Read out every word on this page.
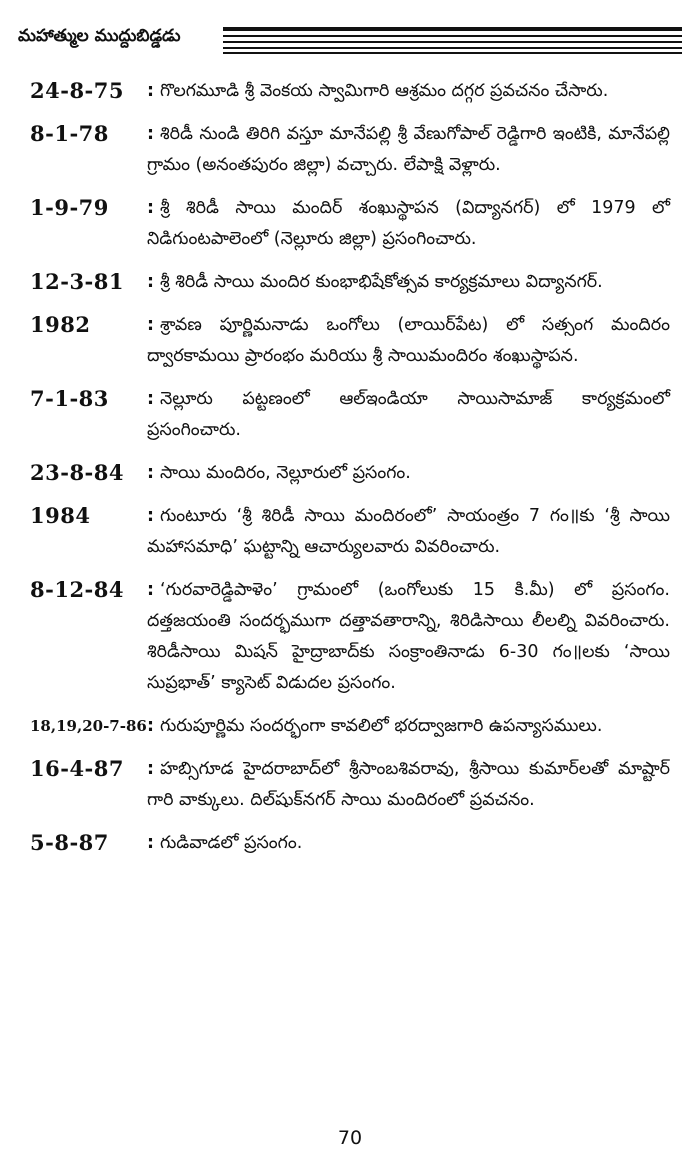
మహాత్ముల ముద్దుబిడ్డడు
24-8-75	: గొలగమూడి శ్రీ వెంకయ స్వామిగారి ఆశ్రమం దగ్గర ప్రవచనం చేసారు.
8-1-78	: శిరిడీ నుండి తిరిగి వస్తూ మానేపల్లి శ్రీ వేణుగోపాల్ రెడ్డిగారి ఇంటికి, మానేపల్లి గ్రామం (అనంతపురం జిల్లా) వచ్చారు. లేపాక్షి వెళ్లారు.
1-9-79	: శ్రీ శిరిడీ సాయి మందిర్ శంఖుస్థాపన (విద్యానగర్) లో 1979 లో నిడిగుంటపాలెంలో (నెల్లూరు జిల్లా) ప్రసంగించారు.
12-3-81	: శ్రీ శిరిడీ సాయి మందిర కుంభాభిషేకోత్సవ కార్యక్రమాలు విద్యానగర్.
1982	: శ్రావణ పూర్ణిమనాడు ఒంగోలు (లాయిర్‌పేట) లో సత్సంగ మందిరం ద్వారకామయి ప్రారంభం మరియు శ్రీ సాయిమందిరం శంఖుస్థాపన.
7-1-83	: నెల్లూరు పట్టణంలో ఆల్ఇండియా సాయిసామాజ్ కార్యక్రమంలో ప్రసంగించారు.
23-8-84	: సాయి మందిరం, నెల్లూరులో ప్రసంగం.
1984	: గుంటూరు ‘శ్రీ శిరిడీ సాయి మందిరంలో’ సాయంత్రం 7 గం॥కు ‘శ్రీ సాయి మహాసమాధి’ ఘట్టాన్ని ఆచార్యులవారు వివరించారు.
8-12-84	: ‘గురవారెడ్డిపాళెం’ గ్రామంలో (ఒంగోలుకు 15 కి.మీ) లో ప్రసంగం. దత్తజయంతి సందర్భముగా దత్తావతారాన్ని, శిరిడిసాయి లీలల్ని వివరించారు. శిరిడీసాయి మిషన్ హైద్రాబాద్‌కు సంక్రాంతినాడు 6-30 గం॥లకు ‘సాయి సుప్రభాత్’ క్యాసెట్ విడుదల ప్రసంగం.
18,19,20-7-86 : గురుపూర్ణిమ సందర్భంగా కావలిలో భరద్వాజగారి ఉపన్యాసములు.
16-4-87	: హబ్సిగూడ హైదరాబాద్‌లో శ్రీసాంబశివరావు, శ్రీసాయి కుమార్‌లతో మాష్టార్ గారి వాక్కులు. దిల్‌షుక్‌నగర్ సాయి మందిరంలో ప్రవచనం.
5-8-87	: గుడివాడలో ప్రసంగం.
70
